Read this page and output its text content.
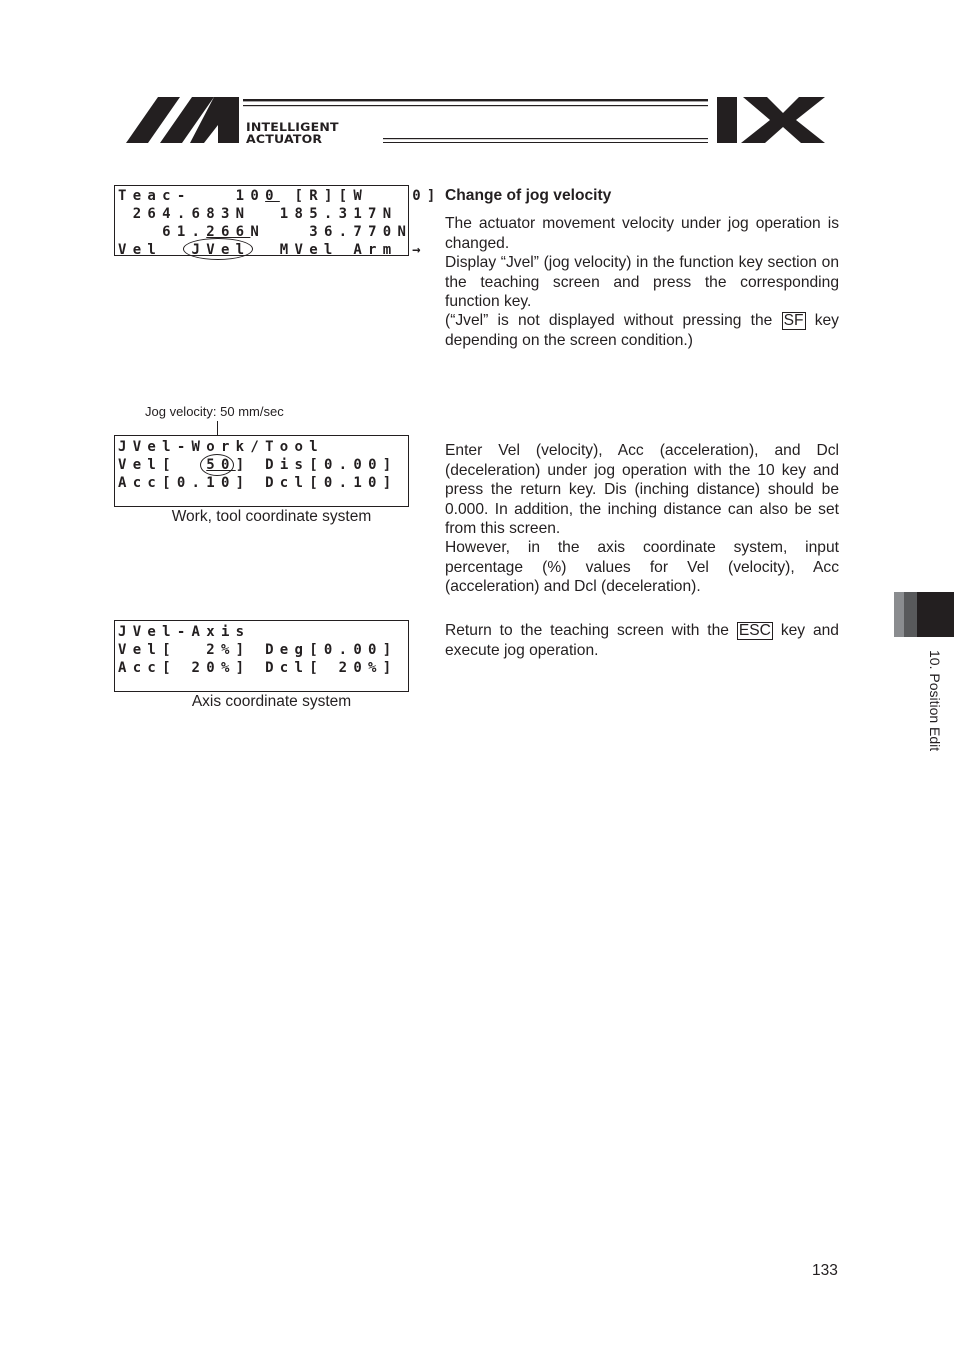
INTELLIGENT
ACTUATOR
Teac-   100 [R][W   0]
264.683N  185.317N
61.266N   36.770N
Vel  JVel  MVel Arm →
Change of jog velocity
The actuator movement velocity under jog operation is changed.
Display “Jvel” (jog velocity) in the function key section on the teaching screen and press the corresponding function key.
(“Jvel” is not displayed without pressing the SF key depending on the screen condition.)
Jog velocity: 50 mm/sec
JVel-Work/Tool
Vel[  50] Dis[0.00]
Acc[0.10] Dcl[0.10]
Work, tool coordinate system
Enter Vel (velocity), Acc (acceleration), and Dcl (deceleration) under jog operation with the 10 key and press the return key. Dis (inching distance) should be 0.000. In addition, the inching distance can also be set from this screen.
However, in the axis coordinate system, input percentage (%) values for Vel (velocity), Acc (acceleration) and Dcl (deceleration).
JVel-Axis
Vel[  2%] Deg[0.00]
Acc[ 20%] Dcl[ 20%]
Axis coordinate system
Return to the teaching screen with the ESC key and execute jog operation.	10. Position Edit
133
